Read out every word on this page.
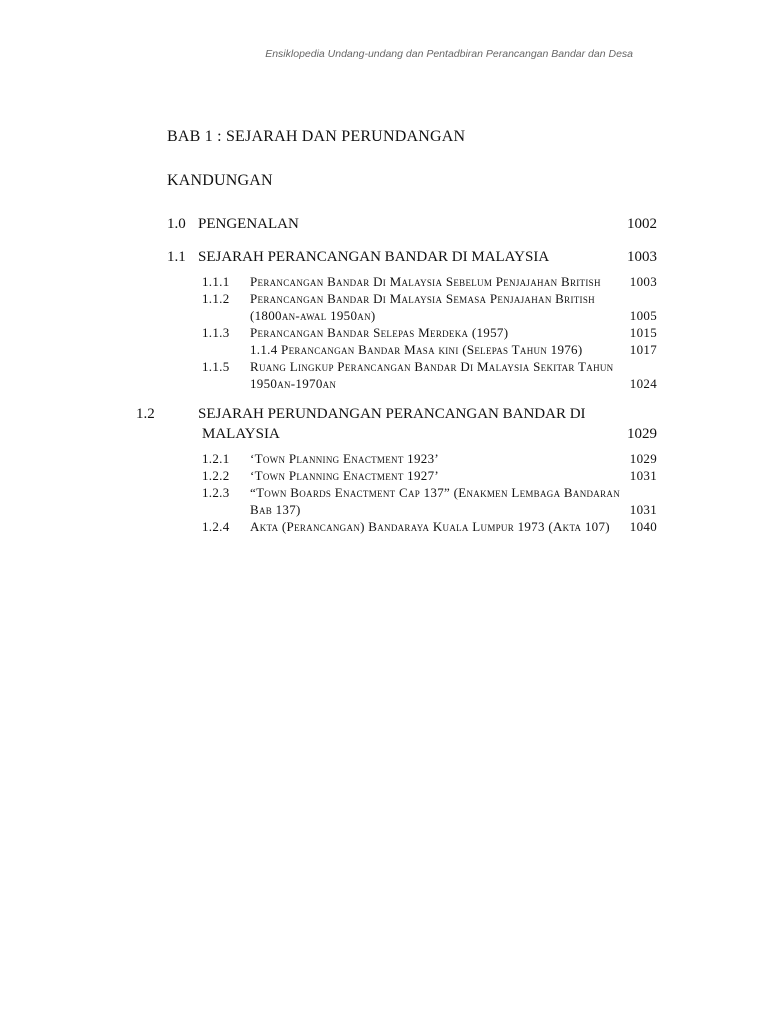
Ensiklopedia Undang-undang dan Pentadbiran Perancangan Bandar dan Desa
BAB 1 : SEJARAH DAN PERUNDANGAN
KANDUNGAN
1.0 PENGENALAN	1002
1.1 SEJARAH PERANCANGAN BANDAR DI MALAYSIA	1003
1.1.1	Perancangan Bandar Di Malaysia Sebelum Penjajahan British	1003
1.1.2	Perancangan Bandar Di Malaysia Semasa Penjajahan British (1800an-awal 1950an)	1005
1.1.3	Perancangan Bandar Selepas Merdeka (1957)	1015
1.1.4 Perancangan Bandar Masa kini (Selepas Tahun 1976)	1017
1.1.5	Ruang Lingkup Perancangan Bandar Di Malaysia Sekitar Tahun 1950an-1970an	1024
1.2	SEJARAH PERUNDANGAN PERANCANGAN BANDAR DI
MALAYSIA	1029
1.2.1	‘Town Planning Enactment 1923’	1029
1.2.2	‘Town Planning Enactment 1927’	1031
1.2.3	“Town Boards Enactment Cap 137” (Enakmen Lembaga Bandaran Bab 137)	1031
1.2.4	Akta (Perancangan) Bandaraya Kuala Lumpur 1973 (Akta 107)	1040
